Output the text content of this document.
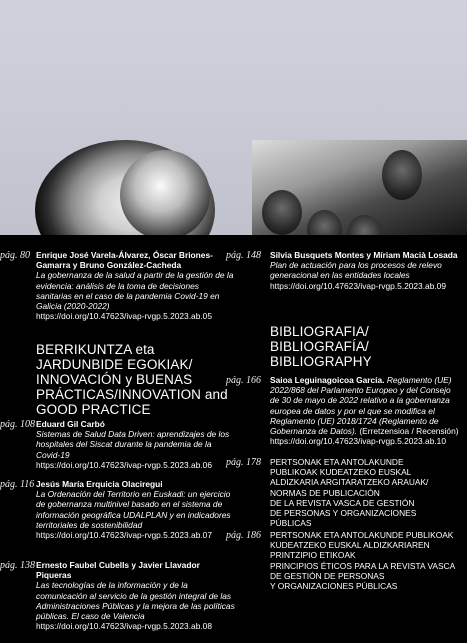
pág. 80 Enrique José Varela-Álvarez, Óscar Briones-Gamarra y Bruno González-Cacheda
La gobernanza de la salud a partir de la gestión de la evidencia: análisis de la toma de decisiones sanitarias en el caso de la pandemia Covid-19 en Galicia (2020-2022)
https://doi.org/10.47623/ivap-rvgp.5.2023.ab.05
BERRIKUNTZA eta JARDUNBIDE EGOKIAK/ INNOVACIÓN y BUENAS PRÁCTICAS/INNOVATION and GOOD PRACTICE
pág. 108 Eduard Gil Carbó
Sistemas de Salud Data Driven: aprendizajes de los hospitales del Siscat durante la pandemia de la Covid-19
https://doi.org/10.47623/ivap-rvgp.5.2023.ab.06
pág. 116 Jesús María Erquicia Olaciregui
La Ordenación del Territorio en Euskadi: un ejercicio de gobernanza multinivel basado en el sistema de información geográfica UDALPLAN y en indicadores territoriales de sostenibilidad
https://doi.org/10.47623/ivap-rvgp.5.2023.ab.07
pág. 138 Ernesto Faubel Cubells y Javier Llavador Piqueras
Las tecnologías de la información y de la comunicación al servicio de la gestión integral de las Administraciones Públicas y la mejora de las políticas públicas. El caso de Valencia
https://doi.org/10.47623/ivap-rvgp.5.2023.ab.08
pág. 148 Silvia Busquets Montes y Míriam Macià Losada
Plan de actuación para los procesos de relevo generacional en las entidades locales
https://doi.org/10.47623/ivap-rvgp.5.2023.ab.09
BIBLIOGRAFIA/ BIBLIOGRAFÍA/ BIBLIOGRAPHY
pág. 166 Saioa Leguinagoicoa García. Reglamento (UE) 2022/868 del Parlamento Europeo y del Consejo de 30 de mayo de 2022 relativo a la gobernanza europea de datos y por el que se modifica el Reglamento (UE) 2018/1724 (Reglamento de Gobernanza de Datos). (Erretzensioa / Recensión)
https://doi.org/10.47623/ivap-rvgp.5.2023.ab.10
pág. 178 PERTSONAK ETA ANTOLAKUNDE
PUBLIKOAK KUDEATZEKO EUSKAL
ALDIZKARIA ARGITARATZEKO ARAUAK/
NORMAS DE PUBLICACIÓN
DE LA REVISTA VASCA DE GESTIÓN
DE PERSONAS Y ORGANIZACIONES
PÚBLICAS
pág. 186 PERTSONAK ETA ANTOLAKUNDE PUBLIKOAK
KUDEATZEKO EUSKAL ALDIZKARIAREN
PRINTZIPIO ETIKOAK
PRINCIPIOS ÉTICOS PARA LA REVISTA VASCA
DE GESTIÓN DE PERSONAS
Y ORGANIZACIONES PÚBLICAS
